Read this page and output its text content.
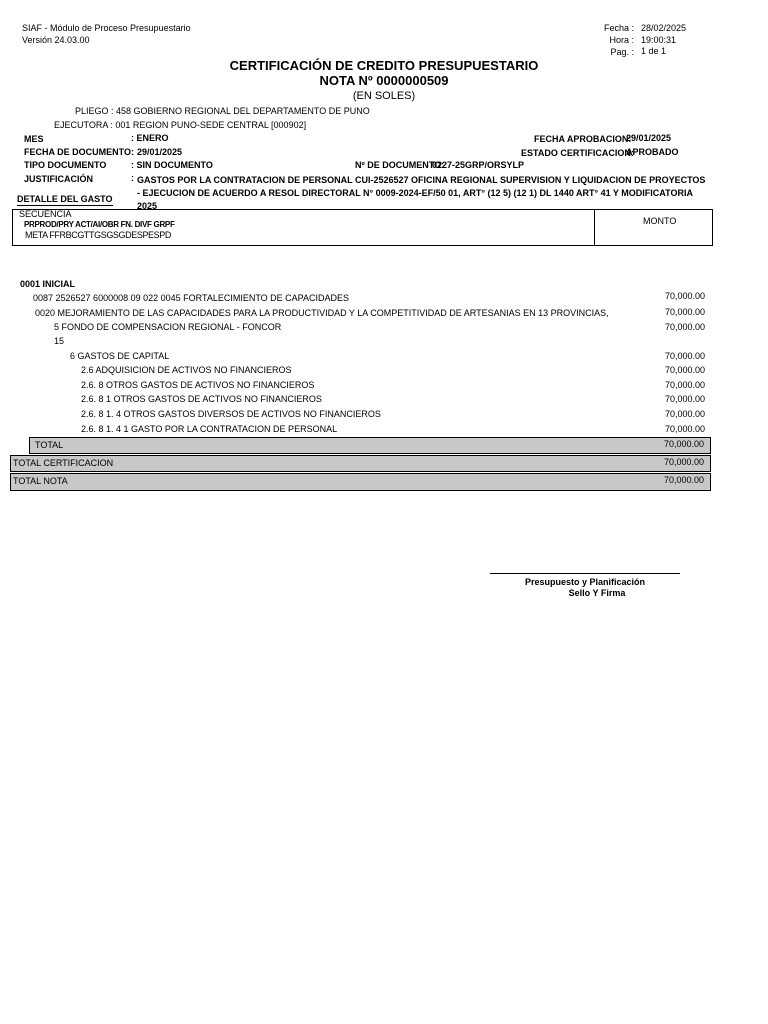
SIAF - Módulo de Proceso Presupuestario
Versión 24.03.00
Fecha : 28/02/2025
Hora : 19:00:31
Pag. : 1 de 1
CERTIFICACIÓN DE CREDITO PRESUPUESTARIO
NOTA Nº 0000000509
(EN SOLES)
PLIEGO : 458 GOBIERNO REGIONAL DEL DEPARTAMENTO DE PUNO
EJECUTORA : 001 REGION PUNO-SEDE CENTRAL [000902]
MES	: ENERO
FECHA DE DOCUMENTO: 29/01/2025
TIPO DOCUMENTO	: SIN DOCUMENTO
JUSTIFICACIÓN	: GASTOS POR LA CONTRATACION DE PERSONAL CUI-2526527 OFICINA REGIONAL SUPERVISION Y LIQUIDACION DE PROYECTOS
- EJECUCION DE ACUERDO A RESOL DIRECTORAL N° 0009-2024-EF/50 01, ART° (12 5) (12 1) DL 1440 ART° 41 Y MODIFICATORIA
2025
FECHA APROBACION:
29/01/2025
ESTADO CERTIFICACION:
APROBADO
Nº DE DOCUMENTO:
0227-25GRP/ORSYLP
DETALLE DEL GASTO
SECUENCIA
PRPROD/PRY ACT/AI/OBR FN. DIVF GRPF
META FFRBCGTTGSGSGDESPESPD
MONTO
0001 INICIAL
0087 2526527 6000008 09 022 0045 FORTALECIMIENTO DE CAPACIDADES	70,000.00
0020 MEJORAMIENTO DE LAS CAPACIDADES PARA LA PRODUCTIVIDAD Y LA COMPETITIVIDAD DE ARTESANIAS EN 13 PROVINCIAS,	70,000.00
5 FONDO DE COMPENSACION REGIONAL - FONCOR	70,000.00
15
6 GASTOS DE CAPITAL	70,000.00
2.6 ADQUISICION DE ACTIVOS NO FINANCIEROS	70,000.00
2.6. 8 OTROS GASTOS DE ACTIVOS NO FINANCIEROS	70,000.00
2.6. 8 1 OTROS GASTOS DE ACTIVOS NO FINANCIEROS	70,000.00
2.6. 8 1. 4 OTROS GASTOS DIVERSOS DE ACTIVOS NO FINANCIEROS	70,000.00
2.6. 8 1. 4 1 GASTO POR LA CONTRATACION DE PERSONAL	70,000.00
TOTAL	70,000.00
TOTAL CERTIFICACION	70,000.00
TOTAL NOTA	70,000.00
Presupuesto y Planificación
Sello Y Firma
